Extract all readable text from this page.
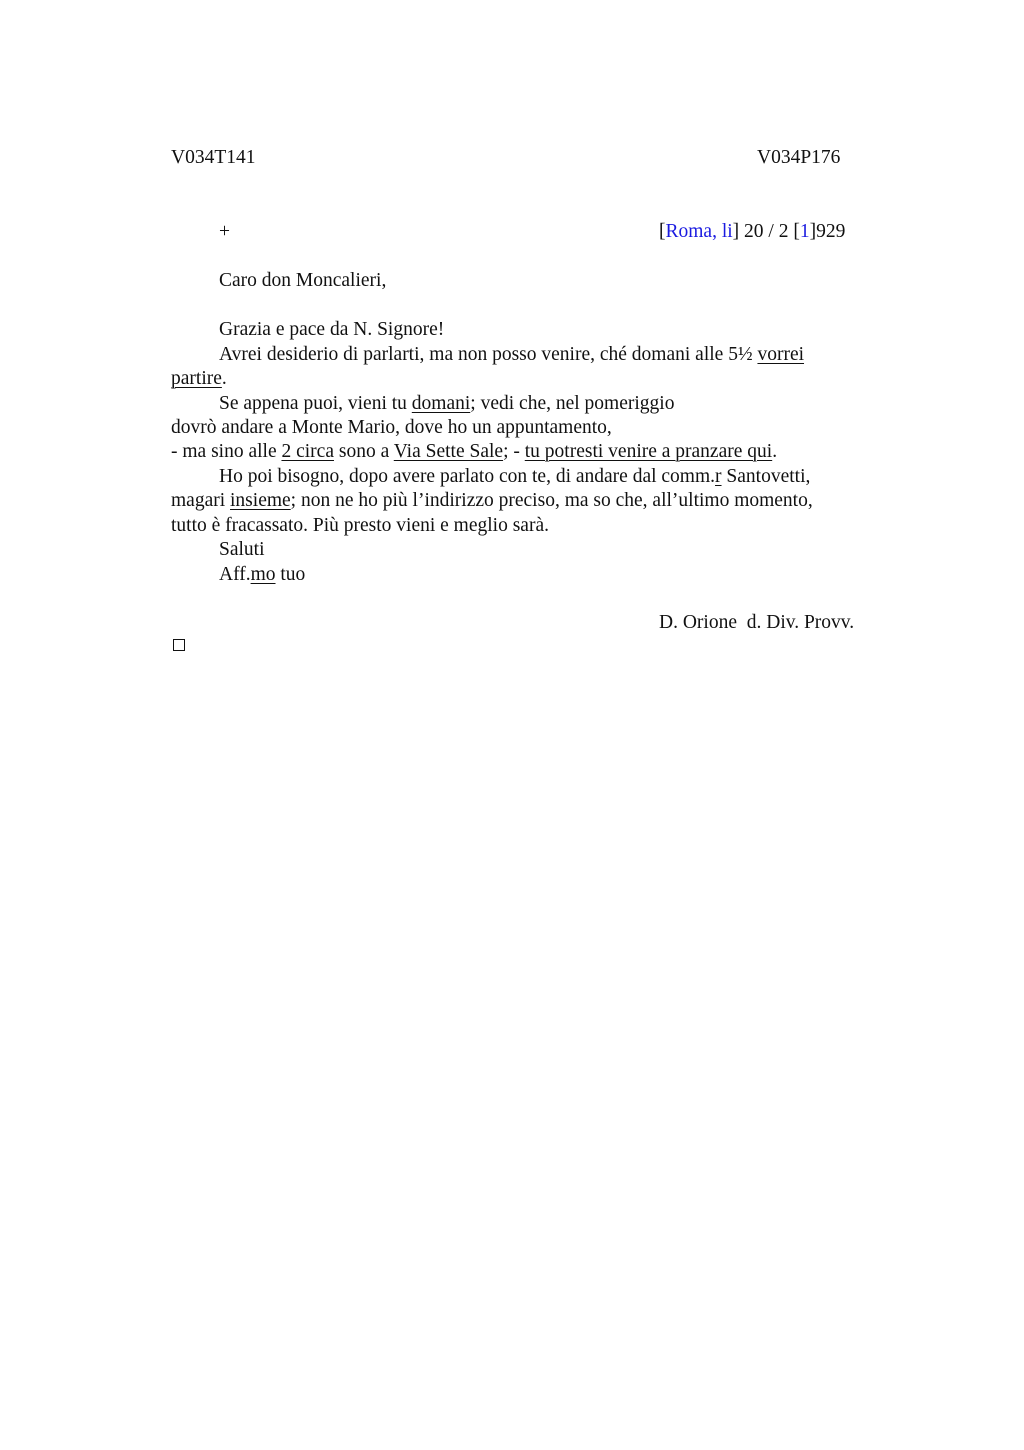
V034T141	V034P176
+	[Roma, li] 20 / 2 [1]929
Caro don Moncalieri,
Grazia e pace da N. Signore!
Avrei desiderio di parlarti, ma non posso venire, ché domani alle 5½ vorrei
partire.
Se appena puoi, vieni tu domani; vedi che, nel pomeriggio
dovrò andare a Monte Mario, dove ho un appuntamento,
- ma sino alle 2 circa sono a Via Sette Sale; - tu potresti venire a pranzare qui.
Ho poi bisogno, dopo avere parlato con te, di andare dal comm.r Santovetti,
magari insieme; non ne ho più l’indirizzo preciso, ma so che, all’ultimo momento,
tutto è fracassato. Più presto vieni e meglio sarà.
Saluti
Aff.mo tuo
D. Orione  d. Div. Provv.
